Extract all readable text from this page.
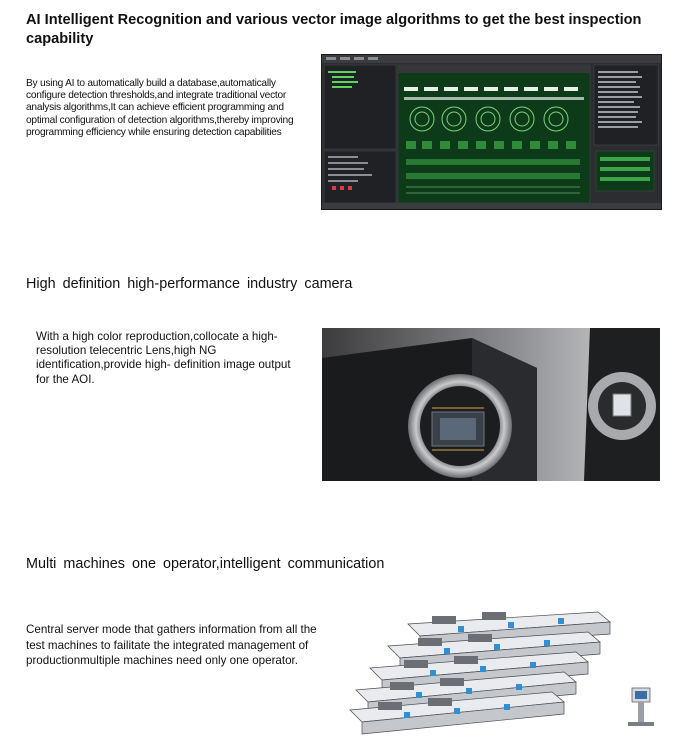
AI Intelligent Recognition and various vector image algorithms to get the best inspection capability
By using AI to automatically build a database,automatically configure detection thresholds,and integrate traditional vector analysis algorithms,It can achieve efficient programming and optimal configuration of detection algorithms,thereby improving programming efficiency while ensuring detection capabilities
High definition high-performance industry camera
With a high color reproduction,collocate a high-resolution telecentric Lens,high NG identification,provide high- definition image output for the AOI.
Multi machines one operator,intelligent communication
Central server mode that gathers information from all the test machines to failitate the integrated management of productionmultiple machines need only one operator.
